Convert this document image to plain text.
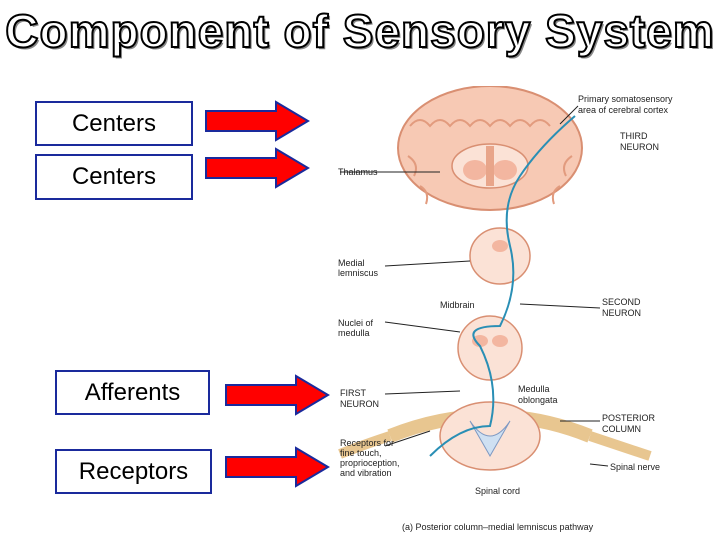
Component of Sensory System
Centers
Centers
Afferents
Receptors
Primary somatosensory
area of cerebral cortex
THIRD
NEURON
Thalamus
Medial
lemniscus
Midbrain	SECOND
NEURON
Nuclei of
medulla
FIRST
NEURON
Medulla
oblongata
POSTERIOR
COLUMN
Receptors for
fine touch,
proprioception,
and vibration
Spinal nerve
Spinal cord
(a) Posterior column–medial lemniscus pathway
